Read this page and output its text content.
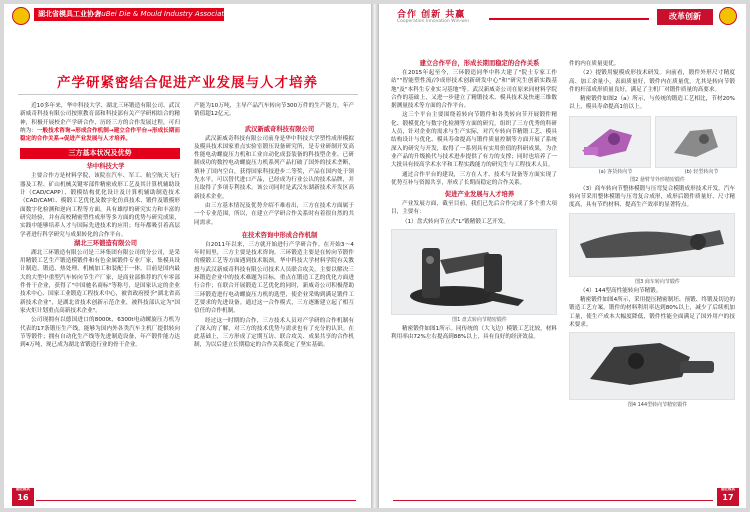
湖北省模具工业协会
HuBei Die & Mould Industry Association
产学研紧密结合促进产业发展与人才培养

近10多年来，华中科技大学、湖北三环锻造有限公司、武汉新威奇科技有限公司按照教育部和科技部有关产学研相结合的精神，积极开展校企产学研合作，历经三方的合作发展过程，可归纳为：一般技术咨询→形成合作机制→建立合作平台→形成长期而稳定的合作关系→促进产业发展与人才培养。

三方基本状况及优势

华中科技大学

主要合作方是材料学院，该院在汽车、军工、航空航天飞行器及工程、矿山机械关键零部件精密成形工艺及其计算机辅助设计（CAD/CAPP）、锻模结构优化设计及计算机辅助制造技术（CAD/CAM）、模锻工艺优化及数字化仿真技术、锻件及锻模形面数字化检测和逆向工程等方面，具有雄厚的研究实力和丰富的研究经验，并有高校精密塑性成形等多方面的优势与研究成果，实践中能够培养人才与国际先进技术的应用；每年都吸引着高层学者进行科学研究与成果转化的合作平台。

湖北三环锻造有限公司

湖北三环锻造有限公司是三环集团有限公司的分公司，是采用精锻工艺生产锻造模锻件和有色金属锻件专业厂家，集模具设计制造、锻造、热处理、机械加工和装配于一体。目前是国内最大的大型中重型汽车转向节生产厂家，是商业部推荐的汽车零部件骨干企业，获得了"中国驰名商标"等称号，是国家认定的企业技术中心、国家工业锻造工程技术中心，被省政府授予"湖北省高新技术企业"，是湖北省技术创新示范企业，被科技部认定为"国家火炬计划重点高新技术企业"。

公司现拥有以德国进口的8000t、6300t电动螺旋压力机为代表的17条锻压生产线，能够为国内外各类汽车主机厂提供转向节等锻件；拥有自动化生产线等先进制造设备，年产锻件能力达到4万吨，现已成为湖北省锻造行业的骨干企业。

产能为10万吨，主导产品汽车转向节300万件的生产能力，年产销值超12亿元。

武汉新威奇科技有限公司

武汉新威奇科技有限公司前身是华中科技大学塑性成形模拟及模具技术国家重点实验室锻压设备研究所，是专业研制开发高性能电动螺旋压力机和工业自动化成套装备的科技型企业。已研制成功的数控电动螺旋压力机系列产品打破了国外的技术垄断，填补了国内空白，获得国家科技进步二等奖，产品在国内处于领先水平，可以替代进口产品，已经成为行业公认的技术品牌，并且取得了多项专利技术。该公司同时是武汉东湖新技术开发区高新技术企业。

由三方基本情况及优势介绍不难看出，三方在技术方面属于一个专业范围，所以，在建立产学研合作关系时有着很自然的共同需求。

在技术咨询中形成合作机制

自2011年以来，三方就开始进行产学研合作。在开始3～4年时间里，三方主要是技术咨询。三环锻造主要是在转向节锻件的模锻工艺等方面遇到技术瓶颈，华中科技大学材料学院有关教授与武汉新威奇科技有限公司技术人员联合攻关，主要以解决三环锻造企业中的技术难题为目标，重点在锻造工艺的优化方面进行合作；在联合开展锻造工艺优化的同时，新威奇公司积极帮助三环锻造进行电动螺旋压力机的选型，使企业采购到满足锻件工艺要求的先进设备。通过这一合作模式，三方逐渐建立起了相互信任的合作机制。

经过这一时期的合作，三方技术人员对产学研的合作机制有了深入的了解，对三方的技术优势与需求也有了充分的认识。在此基础上，三方形成了定期互访、联合攻关、成果共享的合作机制，为以后建立长期稳定的合作关系奠定了坚实基础。

湖北模具
16
合作 创新 共赢
Cooperation Innovation Win-win
改革创新

建立合作平台，形成长期而稳定的合作关系

在2015年起至今，三环锻造同华中科大建了"院士专家工作站""智能塑性流/冷成形技术创新研发中心"和"研究生创新实践基地"及"本科生专业实习基地"等。武汉新威奇公司在原来同材料学院合作的基础上，又进一步建立了精锻技术、模具技术及快速三维数据测量技术等方面的合作平台。

这三个平台主要围绕着转向节锻件和各类转向节开展锻件精化、锻模优化与数字化检测等方面的研究，组织了三方优秀的科研人员，针对企业的需求与生产实际，对汽车转向节精锻工艺、模具结构设计与优化、模具寿命提高与锻件质量控制等方面开展了系统深入的研究与开发，取得了一系列具有实用价值的科研成果，为企业产品的升级换代与技术进步提供了有力的支撑；同时也培养了一大批具有较高学术水平和工程实践能力的研究生与工程技术人员。

通过合作平台的建设，三方在人才、技术与设备等方面实现了优势互补与资源共享，形成了长期而稳定的合作关系。

促进产业发展与人才培养

产业发展方面，截至目前，我们已先后合作完成了多个重大项目，主要有：

（1）盘式转向节立式"L"锻精锻工艺开发。

图1 盘式转向节精密锻件

精密锻件如图1所示。同传统的（大飞边）模锻工艺比较，材料利用率由72%左右提高到88%以上，具有良好的经济效益。

件的内在质量更优。

（2）提锻用辊模成形技术研发。向前看，锻件外形尺寸精度高、加工余量小，表面质量好，锻件内在质量优，尤其是转向节锻件的杆部成形质量良好，满足了主机厂对锻件质量的高要求。

精密锻件如图2（a）所示，与传统的锻造工艺相比，节材20%以上，模具寿命提高1倍以上。

(a) 客货转向节	(b) 轻型转向节

图2 悬臂节外形精密锻件

（3）商车转向节整体模锻与压弯复合模锻成形技术开发。汽车转向节采用整体模锻与压弯复合成形，成形后锻件质量好、尺寸精度高，具有节约材料、提高生产效率的显著特点。

图3 商车转向节锻件

（4）144型高性能转向节精锻。

精密锻件如图4所示，采用提压精密制坯、预锻、终锻及切边的锻造工艺方案，锻件的材料利用率达到80%以上，减少了后续机加工量，使生产成本大幅度降低，锻件性能全面满足了国外用户的技术要求。

图4 144型转向节精密锻件

湖北模具
17
